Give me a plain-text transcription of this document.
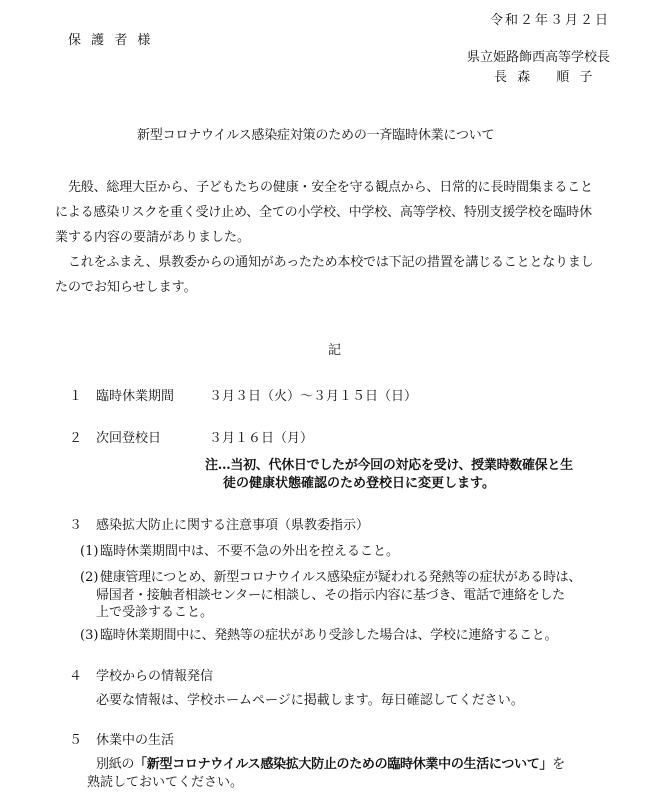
令和２年３月２日
保 護 者 様
県立姫路飾西高等学校長
長 森　 順 子
新型コロナウイルス感染症対策のための一斉臨時休業について
先般、総理大臣から、子どもたちの健康・安全を守る観点から、日常的に長時間集まること
による感染リスクを重く受け止め、全ての小学校、中学校、高等学校、特別支援学校を臨時休
業する内容の要請がありました。
これをふまえ、県教委からの通知があったため本校では下記の措置を講じることとなりまし
たのでお知らせします。
記
１ 臨時休業期間	３月３日（火）～３月１５日（日）
２ 次回登校日	３月１６日（月）
注…当初、代休日でしたが今回の対応を受け、授業時数確保と生
徒の健康状態確認のため登校日に変更します。
３ 感染拡大防止に関する注意事項（県教委指示）
(1) 臨時休業期間中は、不要不急の外出を控えること。
(2) 健康管理につとめ、新型コロナウイルス感染症が疑われる発熱等の症状がある時は、
帰国者・接触者相談センターに相談し、その指示内容に基づき、電話で連絡をした
上で受診すること。
(3) 臨時休業期間中に、発熱等の症状があり受診した場合は、学校に連絡すること。
４ 学校からの情報発信
必要な情報は、学校ホームページに掲載します。毎日確認してください。
５ 休業中の生活
別紙の「新型コロナウイルス感染拡大防止のための臨時休業中の生活について」を
熟読しておいてください。
